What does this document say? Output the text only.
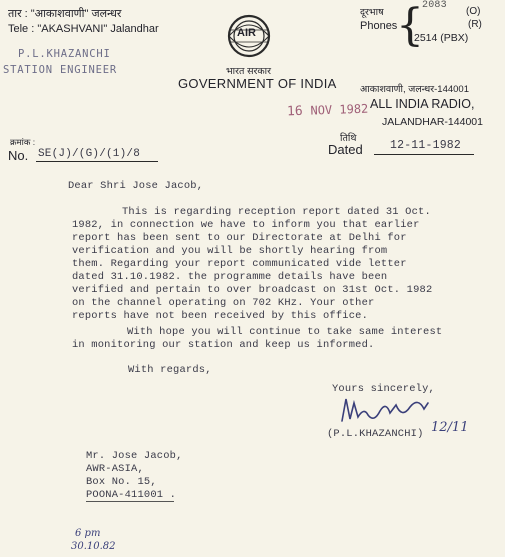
तार : "आकाशवाणी" जलन्धर
Tele : "AKASHVANI" Jalandhar
P.L.KHAZANCHI
STATION ENGINEER
AIR
भारत सरकार
GOVERNMENT OF INDIA
दूरभाष
Phones
{
2083
(O)
(R)
2514 (PBX)
आकाशवाणी, जलन्धर-144001
ALL INDIA RADIO,
JALANDHAR-144001
16 NOV 1982
क्रमांक :
No. SE(J)/(G)/(1)/8
तिथि
Dated 12-11-1982
Dear Shri Jose Jacob,
This is regarding reception report dated 31 Oct.
1982, in connection we have to inform you that earlier
report has been sent to our Directorate at Delhi for
verification and you will be shortly hearing from
them. Regarding your report communicated vide letter
dated 31.10.1982. the programme details have been
verified and pertain to over broadcast on 31st Oct. 1982
on the channel operating on 702 KHz. Your other
reports have not been received by this office.
With hope you will continue to take same interest
in monitoring our station and keep us informed.
With regards,
Yours sincerely,
(P.L.KHAZANCHI) 12/11
Mr. Jose Jacob,
AWR-ASIA,
Box No. 15,
POONA-411001 .
6 pm
30.10.82
